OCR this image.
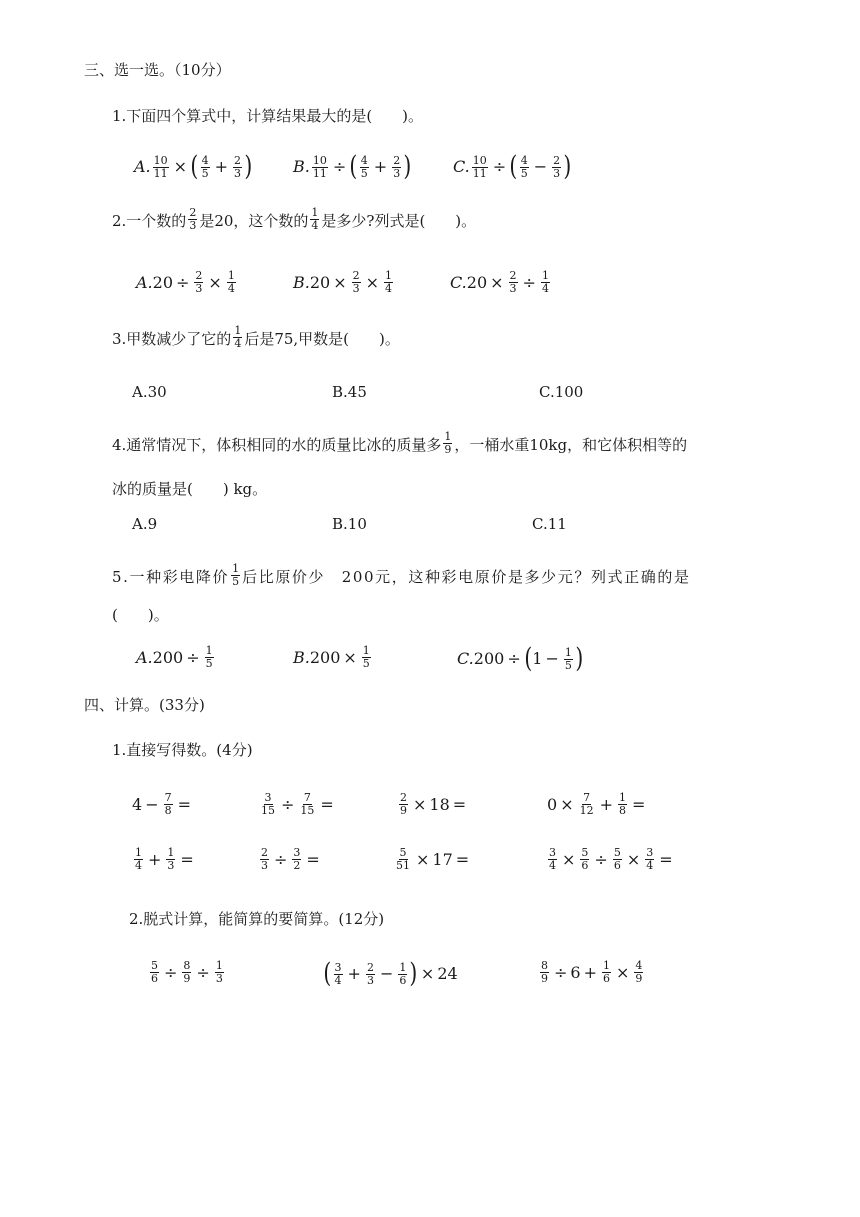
三、选一选。（10分）
1.下面四个算式中，计算结果最大的是(　　)。
A. $\frac{10}{11}$ × ( $\frac{4}{5} + \frac{2}{3}$ )	B. $\frac{10}{11}$ ÷ ( $\frac{4}{5} + \frac{2}{3}$ )	C. $\frac{10}{11}$ ÷ ( $\frac{4}{5} - \frac{2}{3}$ )
2.一个数的 $\frac{2}{3}$ 是20，这个数的 $\frac{1}{4}$ 是多少?列式是(　　)。
A. $20 \div \frac{2}{3} \times \frac{1}{4}$	B. $20 \times \frac{2}{3} \times \frac{1}{4}$	C. $20 \times \frac{2}{3} \div \frac{1}{4}$
3.甲数减少了它的 $\frac{1}{4}$ 后是75,甲数是(　　)。
A.30	B.45	C.100
4.通常情况下，体积相同的水的质量比冰的质量多 $\frac{1}{9}$ ，一桶水重10kg，和它体积相等的
冰的质量是(　　) kg。
A.9	B.10	C.11
5.一种彩电降价 $\frac{1}{5}$ 后比原价少　200元，这种彩电原价是多少元？列式正确的是
(　　)。
A. $200 \div \frac{1}{5}$	B. $200 \times \frac{1}{5}$	C. 200 ÷ ( $1 - \frac{1}{5}$ )
四、计算。(33分)
1.直接写得数。(4分)
$4 - \frac{7}{8}$ =	$\frac{3}{15} \div \frac{7}{15}$ =	$\frac{2}{9} \times 18$ =	$0 \times \frac{7}{12} + \frac{1}{8}$ =
$\frac{1}{4} + \frac{1}{3}$ =	$\frac{2}{3} \div \frac{3}{2}$ =	$\frac{5}{51} \times 17$ =	$\frac{3}{4} \times \frac{5}{6} \div \frac{5}{6} \times \frac{3}{4}$ =
2.脱式计算，能简算的要简算。(12分)
$\frac{5}{6} \div \frac{8}{9} \div \frac{1}{3}$	( $\frac{3}{4} + \frac{2}{3} - \frac{1}{6}$ ) × 24	$\frac{8}{9} \div 6 + \frac{1}{6} \times \frac{4}{9}$
